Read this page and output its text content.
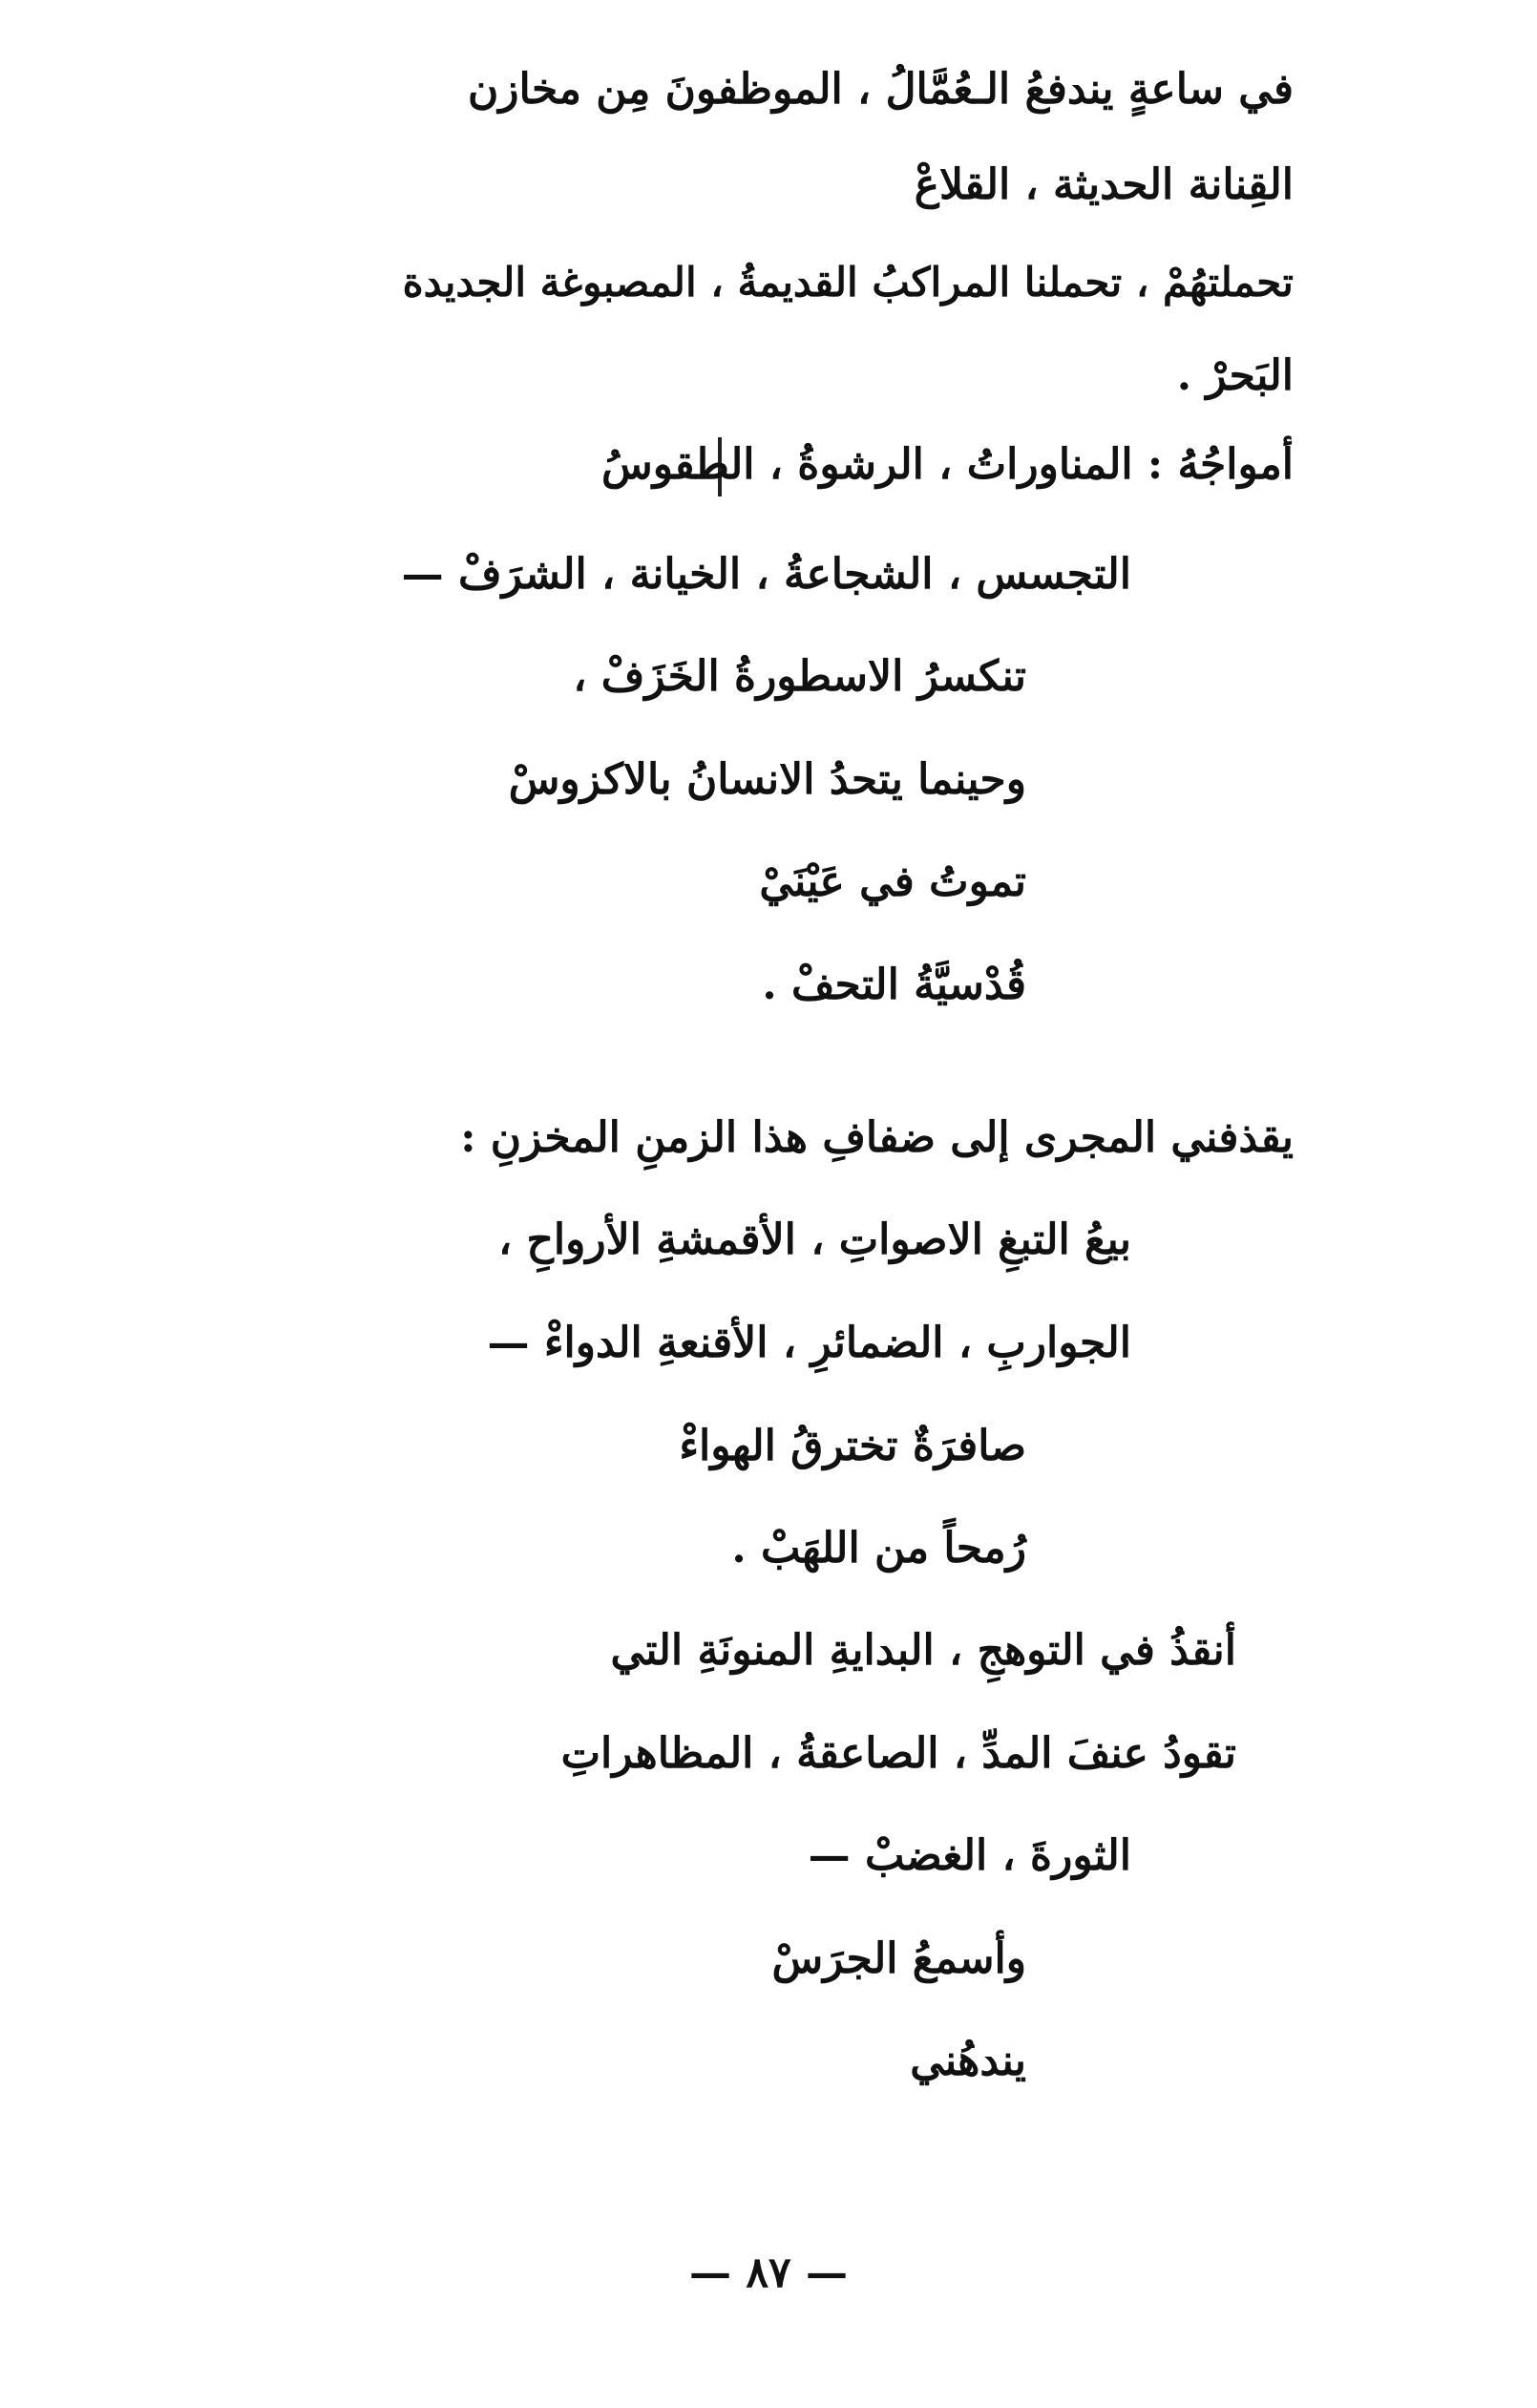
في ساعةٍ يندفعُ الـعُمَّالُ ، الموظفونَ مِن مخازن
القِنانة الحديثة ، القلاعْ
تحملتهُمْ ، تحملنا المراكبُ القديمةُ ، المصبوغة الجديدة
البَحرْ .
أمواجُهُ : المناوراتُ ، الرشوةُ ، الطقوسُ
التجسس ، الشجاعةُ ، الخيانة ، الشرَفْ —
تنكسرُ الاسطورةُ الخَزَفْ ،
وحينما يتحدُ الانسانُ بالاكزوسْ
تموتُ في عَيْنَيْ
قُدْسيَّةُ التحفْ .
يقذفني المجرى إلى ضفافِ هذا الزمنِ المخزنِ :
بيعُ التبغِ الاصواتِ ، الأقمشةِ الأرواحِ ،
الجواربِ ، الضمائرِ ، الأقنعةِ الدواءْ —
صافرَةٌ تخترقُ الهواءْ
رُمحاً من اللهَبْ .
أنقذُ في التوهجِ ، البدايةِ المنونَةِ التي
تقودُ عنفَ المدِّ ، الصاعقةُ ، المظاهراتِ
الثورةَ ، الغضبْ —
وأسمعُ الجرَسْ
يندهُني
— ٨٧ —
